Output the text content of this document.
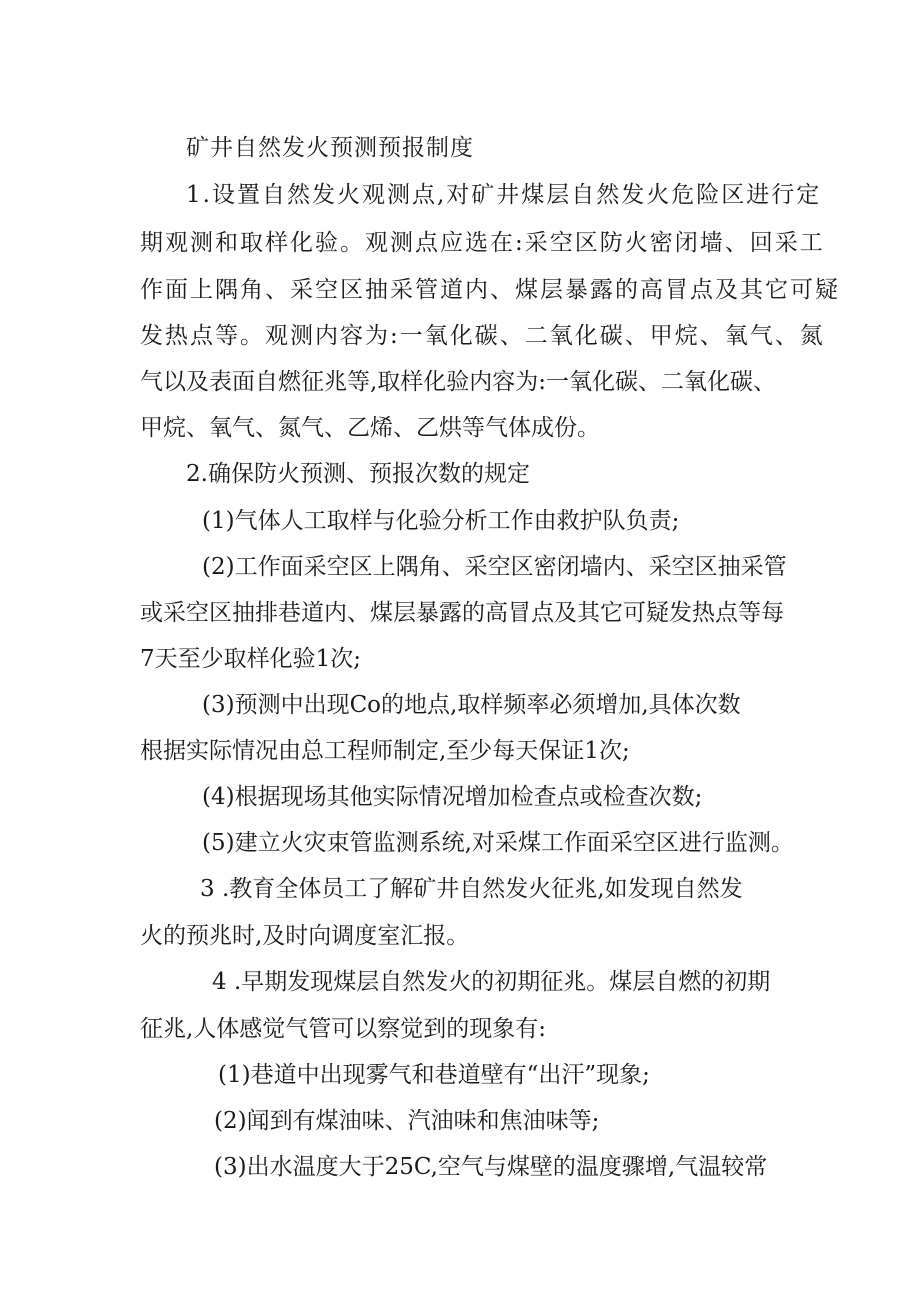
矿井自然发火预测预报制度

1.设置自然发火观测点,对矿井煤层自然发火危险区进行定

期观测和取样化验。观测点应选在:采空区防火密闭墙、回采工

作面上隅角、采空区抽采管道内、煤层暴露的高冒点及其它可疑

发热点等。观测内容为:一氧化碳、二氧化碳、甲烷、氧气、氮

气以及表面自燃征兆等,取样化验内容为:一氧化碳、二氧化碳、

甲烷、氧气、氮气、乙烯、乙烘等气体成份。

2.确保防火预测、预报次数的规定

(1)气体人工取样与化验分析工作由救护队负责;

(2)工作面采空区上隅角、采空区密闭墙内、采空区抽采管

或采空区抽排巷道内、煤层暴露的高冒点及其它可疑发热点等每

7天至少取样化验1次;

(3)预测中出现Co的地点,取样频率必须增加,具体次数

根据实际情况由总工程师制定,至少每天保证1次;

(4)根据现场其他实际情况增加检查点或检查次数;

(5)建立火灾束管监测系统,对采煤工作面采空区进行监测。

3 .教育全体员工了解矿井自然发火征兆,如发现自然发

火的预兆时,及时向调度室汇报。

4 .早期发现煤层自然发火的初期征兆。煤层自燃的初期

征兆,人体感觉气管可以察觉到的现象有:

(1)巷道中出现雾气和巷道壁有“出汗”现象;

(2)闻到有煤油味、汽油味和焦油味等;

(3)出水温度大于25C,空气与煤壁的温度骤增,气温较常
